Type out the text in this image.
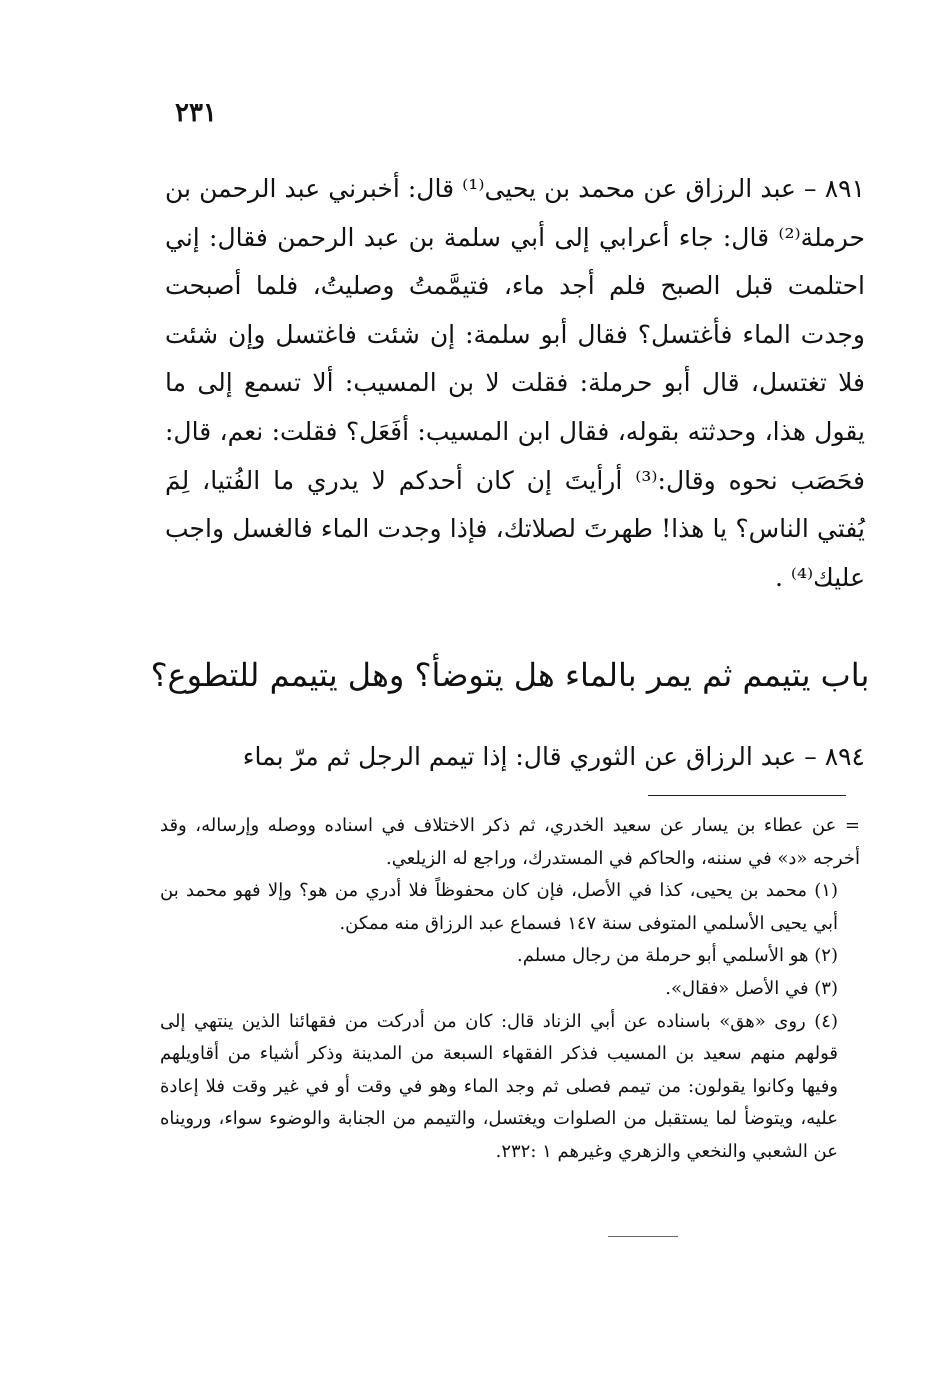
٢٣١

٨٩١ – عبد الرزاق عن محمد بن يحيى⁽¹⁾ قال: أخبرني عبد الرحمن بن حرملة⁽²⁾ قال: جاء أعرابي إلى أبي سلمة بن عبد الرحمن فقال: إني احتلمت قبل الصبح فلم أجد ماء، فتيمَّمتُ وصليتُ، فلما أصبحت وجدت الماء فأغتسل؟ فقال أبو سلمة: إن شئت فاغتسل وإن شئت فلا تغتسل، قال أبو حرملة: فقلت لا بن المسيب: ألا تسمع إلى ما يقول هذا، وحدثته بقوله، فقال ابن المسيب: أفَعَل؟ فقلت: نعم، قال: فحَصَب نحوه وقال:⁽³⁾ أرأيتَ إن كان أحدكم لا يدري ما الفُتيا، لِمَ يُفتي الناس؟ يا هذا! طهرتَ لصلاتك، فإذا وجدت الماء فالغسل واجب عليك⁽⁴⁾ .

باب يتيمم ثم يمر بالماء هل يتوضأ؟ وهل يتيمم للتطوع؟
٨٩٤ – عبد الرزاق عن الثوري قال: إذا تيمم الرجل ثم مرّ بماء

= عن عطاء بن يسار عن سعيد الخدري، ثم ذكر الاختلاف في اسناده ووصله وإرساله، وقد أخرجه «د» في سننه، والحاكم في المستدرك، وراجع له الزيلعي.

(١) محمد بن يحيى، كذا في الأصل، فإن كان محفوظاً فلا أدري من هو؟ وإلا فهو محمد بن أبي يحيى الأسلمي المتوفى سنة ١٤٧ فسماع عبد الرزاق منه ممكن.

(٢) هو الأسلمي أبو حرملة من رجال مسلم.

(٣) في الأصل «فقال».

(٤) روى «هق» باسناده عن أبي الزناد قال: كان من أدركت من فقهائنا الذين ينتهي إلى قولهم منهم سعيد بن المسيب فذكر الفقهاء السبعة من المدينة وذكر أشياء من أقاويلهم وفيها وكانوا يقولون: من تيمم فصلى ثم وجد الماء وهو في وقت أو في غير وقت فلا إعادة عليه، ويتوضأ لما يستقبل من الصلوات ويغتسل، والتيمم من الجنابة والوضوء سواء، ورويناه عن الشعبي والنخعي والزهري وغيرهم ١ :٢٣٢.
